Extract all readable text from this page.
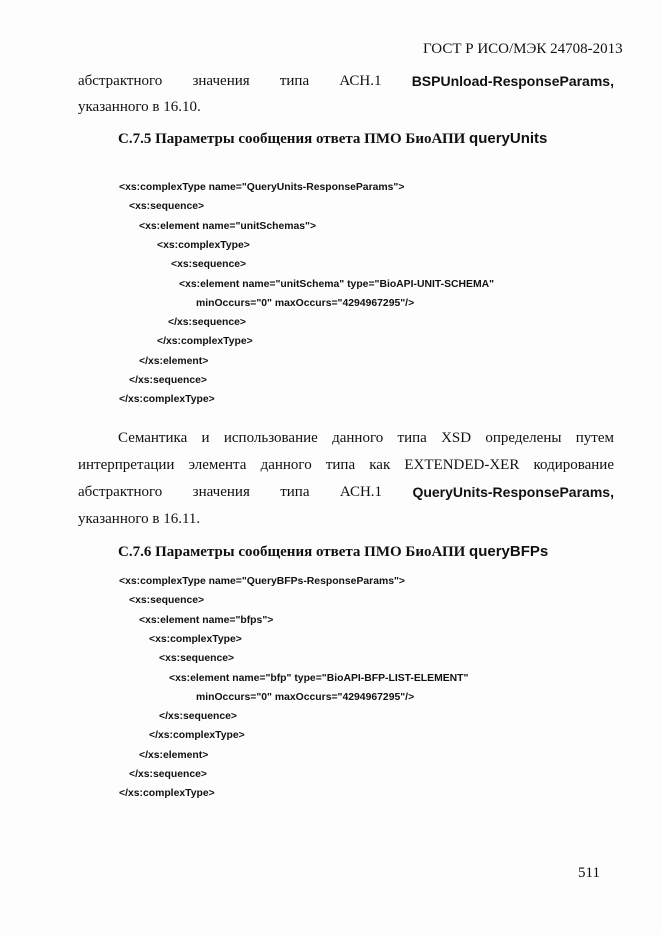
ГОСТ Р ИСО/МЭК 24708-2013
абстрактного значения типа АСН.1 BSPUnload-ResponseParams,
указанного в 16.10.
С.7.5 Параметры сообщения ответа ПМО БиоАПИ queryUnits
<xs:complexType name="QueryUnits-ResponseParams">
<xs:sequence>
<xs:element name="unitSchemas">
<xs:complexType>
<xs:sequence>
<xs:element name="unitSchema" type="BioAPI-UNIT-SCHEMA"
minOccurs="0" maxOccurs="4294967295"/>
</xs:sequence>
</xs:complexType>
</xs:element>
</xs:sequence>
</xs:complexType>
Семантика и использование данного типа XSD определены путем
интерпретации элемента данного типа как EXTENDED-XER кодирование
абстрактного значения типа АСН.1 QueryUnits-ResponseParams,
указанного в 16.11.
С.7.6 Параметры сообщения ответа ПМО БиоАПИ queryBFPs
<xs:complexType name="QueryBFPs-ResponseParams">
<xs:sequence>
<xs:element name="bfps">
<xs:complexType>
<xs:sequence>
<xs:element name="bfp" type="BioAPI-BFP-LIST-ELEMENT"
minOccurs="0" maxOccurs="4294967295"/>
</xs:sequence>
</xs:complexType>
</xs:element>
</xs:sequence>
</xs:complexType>
511
